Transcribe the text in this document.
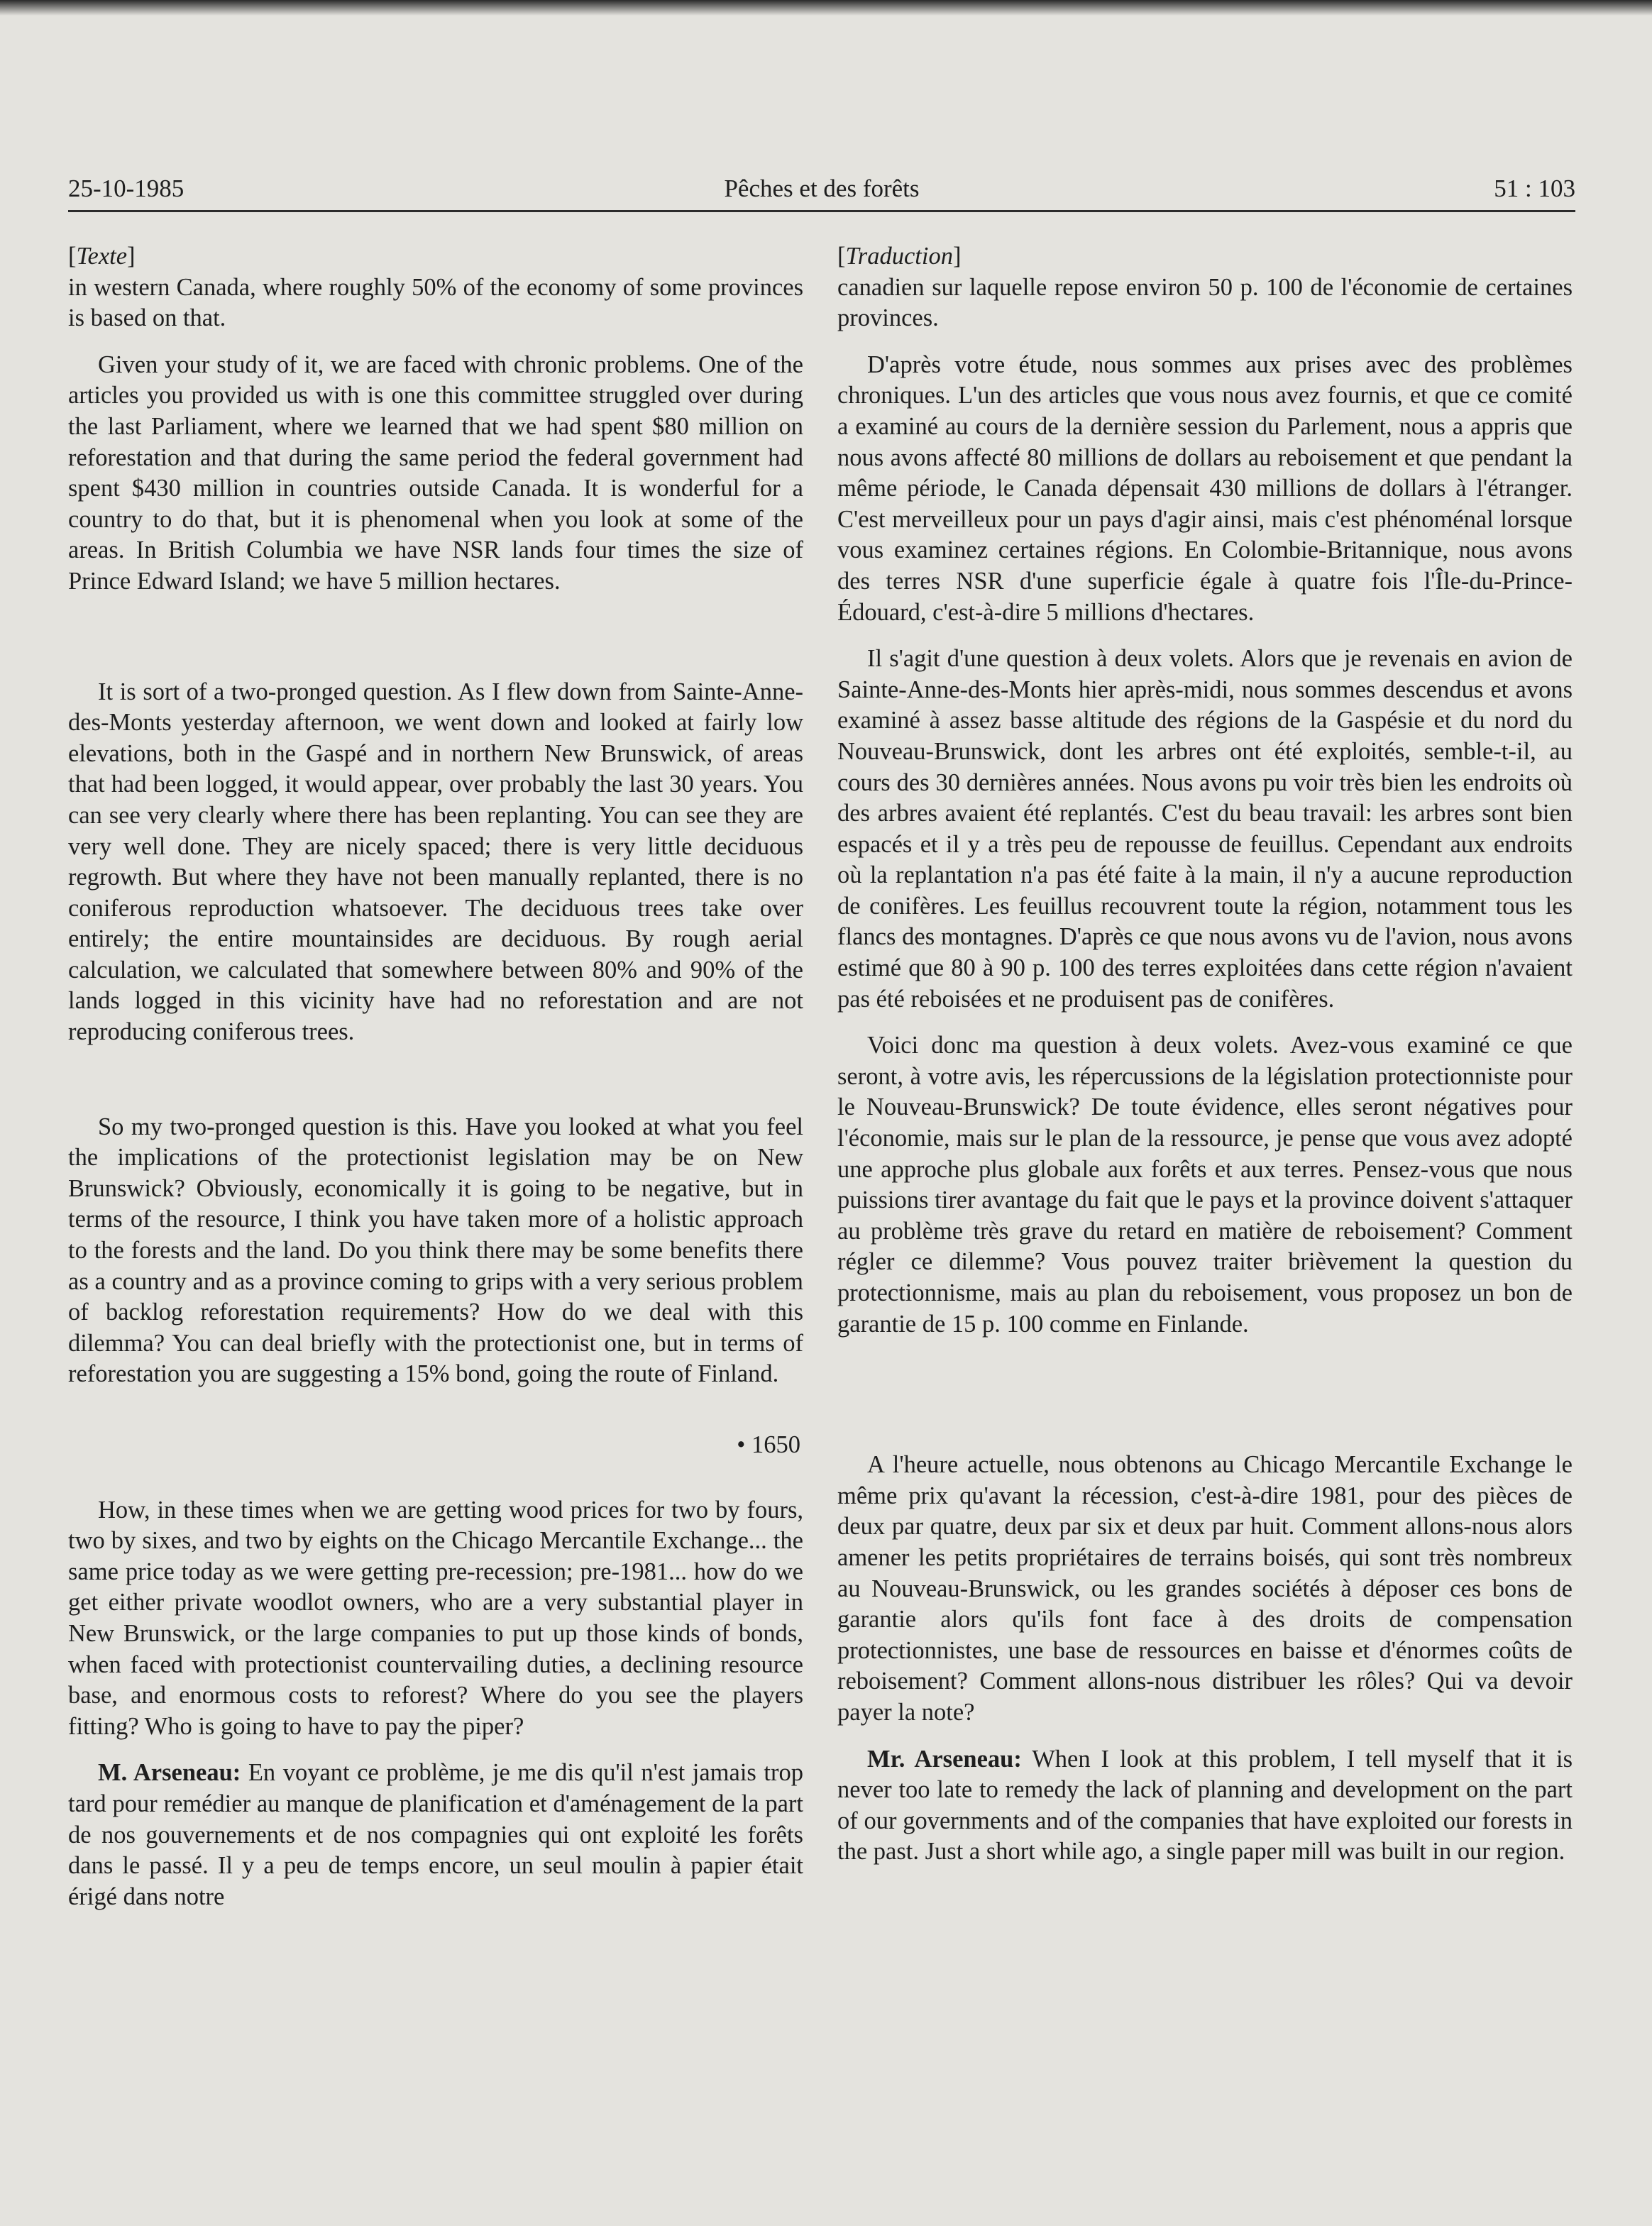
25-10-1985	Pêches et des forêts	51 : 103

[Texte]

in western Canada, where roughly 50% of the economy of some provinces is based on that.

Given your study of it, we are faced with chronic problems. One of the articles you provided us with is one this committee struggled over during the last Parliament, where we learned that we had spent $80 million on reforestation and that during the same period the federal government had spent $430 million in countries outside Canada. It is wonderful for a country to do that, but it is phenomenal when you look at some of the areas. In British Columbia we have NSR lands four times the size of Prince Edward Island; we have 5 million hectares.

It is sort of a two-pronged question. As I flew down from Sainte-Anne-des-Monts yesterday afternoon, we went down and looked at fairly low elevations, both in the Gaspé and in northern New Brunswick, of areas that had been logged, it would appear, over probably the last 30 years. You can see very clearly where there has been replanting. You can see they are very well done. They are nicely spaced; there is very little deciduous regrowth. But where they have not been manually replanted, there is no coniferous reproduction whatsoever. The deciduous trees take over entirely; the entire mountainsides are deciduous. By rough aerial calculation, we calculated that somewhere between 80% and 90% of the lands logged in this vicinity have had no reforestation and are not reproducing coniferous trees.

So my two-pronged question is this. Have you looked at what you feel the implications of the protectionist legislation may be on New Brunswick? Obviously, economically it is going to be negative, but in terms of the resource, I think you have taken more of a holistic approach to the forests and the land. Do you think there may be some benefits there as a country and as a province coming to grips with a very serious problem of backlog reforestation requirements? How do we deal with this dilemma? You can deal briefly with the protectionist one, but in terms of reforestation you are suggesting a 15% bond, going the route of Finland.

• 1650

How, in these times when we are getting wood prices for two by fours, two by sixes, and two by eights on the Chicago Mercantile Exchange... the same price today as we were getting pre-recession; pre-1981... how do we get either private woodlot owners, who are a very substantial player in New Brunswick, or the large companies to put up those kinds of bonds, when faced with protectionist countervailing duties, a declining resource base, and enormous costs to reforest? Where do you see the players fitting? Who is going to have to pay the piper?

M. Arseneau: En voyant ce problème, je me dis qu'il n'est jamais trop tard pour remédier au manque de planification et d'aménagement de la part de nos gouvernements et de nos compagnies qui ont exploité les forêts dans le passé. Il y a peu de temps encore, un seul moulin à papier était érigé dans notre

[Traduction]

canadien sur laquelle repose environ 50 p. 100 de l'économie de certaines provinces.

D'après votre étude, nous sommes aux prises avec des problèmes chroniques. L'un des articles que vous nous avez fournis, et que ce comité a examiné au cours de la dernière session du Parlement, nous a appris que nous avons affecté 80 millions de dollars au reboisement et que pendant la même période, le Canada dépensait 430 millions de dollars à l'étranger. C'est merveilleux pour un pays d'agir ainsi, mais c'est phénoménal lorsque vous examinez certaines régions. En Colombie-Britannique, nous avons des terres NSR d'une superficie égale à quatre fois l'Île-du-Prince-Édouard, c'est-à-dire 5 millions d'hectares.

Il s'agit d'une question à deux volets. Alors que je revenais en avion de Sainte-Anne-des-Monts hier après-midi, nous sommes descendus et avons examiné à assez basse altitude des régions de la Gaspésie et du nord du Nouveau-Brunswick, dont les arbres ont été exploités, semble-t-il, au cours des 30 dernières années. Nous avons pu voir très bien les endroits où des arbres avaient été replantés. C'est du beau travail: les arbres sont bien espacés et il y a très peu de repousse de feuillus. Cependant aux endroits où la replantation n'a pas été faite à la main, il n'y a aucune reproduction de conifères. Les feuillus recouvrent toute la région, notamment tous les flancs des montagnes. D'après ce que nous avons vu de l'avion, nous avons estimé que 80 à 90 p. 100 des terres exploitées dans cette région n'avaient pas été reboisées et ne produisent pas de conifères.

Voici donc ma question à deux volets. Avez-vous examiné ce que seront, à votre avis, les répercussions de la législation protectionniste pour le Nouveau-Brunswick? De toute évidence, elles seront négatives pour l'économie, mais sur le plan de la ressource, je pense que vous avez adopté une approche plus globale aux forêts et aux terres. Pensez-vous que nous puissions tirer avantage du fait que le pays et la province doivent s'attaquer au problème très grave du retard en matière de reboisement? Comment régler ce dilemme? Vous pouvez traiter brièvement la question du protectionnisme, mais au plan du reboisement, vous proposez un bon de garantie de 15 p. 100 comme en Finlande.

A l'heure actuelle, nous obtenons au Chicago Mercantile Exchange le même prix qu'avant la récession, c'est-à-dire 1981, pour des pièces de deux par quatre, deux par six et deux par huit. Comment allons-nous alors amener les petits propriétaires de terrains boisés, qui sont très nombreux au Nouveau-Brunswick, ou les grandes sociétés à déposer ces bons de garantie alors qu'ils font face à des droits de compensation protectionnistes, une base de ressources en baisse et d'énormes coûts de reboisement? Comment allons-nous distribuer les rôles? Qui va devoir payer la note?

Mr. Arseneau: When I look at this problem, I tell myself that it is never too late to remedy the lack of planning and development on the part of our governments and of the companies that have exploited our forests in the past. Just a short while ago, a single paper mill was built in our region.
